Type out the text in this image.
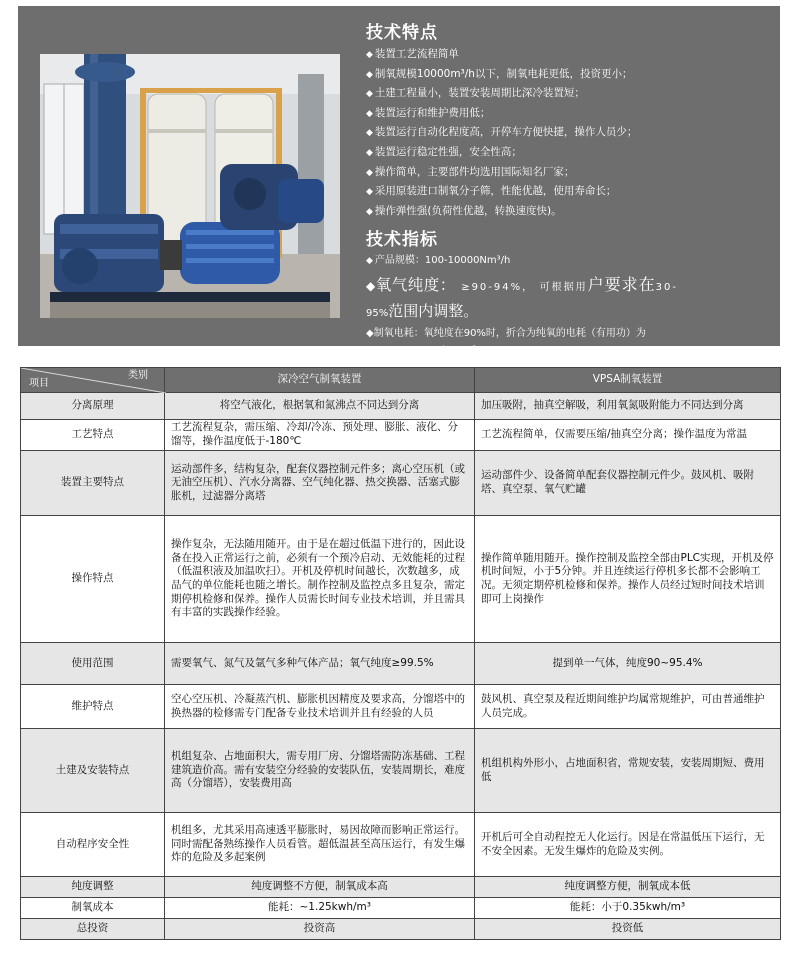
技术特点
◆ 装置工艺流程简单
◆ 制氧规模10000m³/h以下，制氧电耗更低，投资更小；
◆ 土建工程量小，装置安装周期比深冷装置短；
◆ 装置运行和维护费用低；
◆ 装置运行自动化程度高，开停车方便快捷，操作人员少；
◆ 装置运行稳定性强，安全性高；
◆ 操作简单，主要部件均选用国际知名厂家；
◆ 采用原装进口制氧分子筛，性能优越，使用寿命长；
◆ 操作弹性强(负荷性优越，转换速度快)。
技术指标
◆ 产品规模：100-10000Nm³/h
◆氧气纯度： ≥90-94%， 可根据用户要求在30-
95%范围内调整。
◆制氧电耗：氧纯度在90%时，折合为纯氧的电耗（有用功）为
0.32-0.37KWh/ Nm³
类别
项目	深冷空气制氧装置	VPSA制氧装置
分离原理	将空气液化，根据氧和氮沸点不同达到分离	加压吸附，抽真空解吸，利用氧氮吸附能力不同达到分离
工艺特点	工艺流程复杂，需压缩、冷却/冷冻、预处理、膨胀、液化、分馏等，操作温度低于-180℃	工艺流程简单，仅需要压缩/抽真空分离；操作温度为常温
装置主要特点	运动部件多，结构复杂，配套仪器控制元件多；离心空压机（或无油空压机）、汽水分离器、空气纯化器、热交换器、活塞式膨胀机，过滤器分离塔	运动部件少、设备简单配套仪器控制元件少。鼓风机、吸附塔、真空泵、氧气贮罐
操作特点	操作复杂，无法随用随开。由于是在超过低温下进行的，因此设备在投入正常运行之前，必须有一个预冷启动、无效能耗的过程（低温积液及加温吹扫）。开机及停机时间越长，次数越多，成品气的单位能耗也随之增长。制作控制及监控点多且复杂，需定期停机检修和保养。操作人员需长时间专业技术培训，并且需具有丰富的实践操作经验。	操作简单随用随开。操作控制及监控全部由PLC实现，开机及停机时间短，小于5分钟。并且连续运行停机多长都不会影响工况。无须定期停机检修和保养。操作人员经过短时间技术培训即可上岗操作
使用范围	需要氧气、氮气及氩气多种气体产品；氧气纯度≥99.5%	提到单一气体，纯度90~95.4%
维护特点	空心空压机、冷凝蒸汽机、膨胀机因精度及要求高，分馏塔中的换热器的检修需专门配备专业技术培训并且有经验的人员	鼓风机、真空泵及程近期间维护均属常规维护，可由普通维护人员完成。
土建及安装特点	机组复杂、占地面积大，需专用厂房、分馏塔需防冻基础、工程建筑造价高。需有安装空分经验的安装队伍，安装周期长，难度高（分馏塔），安装费用高	机组机构外形小，占地面积省，常规安装，安装周期短、费用低
自动程序安全性	机组多，尤其采用高速透平膨胀时，易因故障而影响正常运行。同时需配备熟练操作人员看管。超低温甚至高压运行，有发生爆炸的危险及多起案例	开机后可全自动程控无人化运行。因是在常温低压下运行，无不安全因素。无发生爆炸的危险及实例。
纯度调整	纯度调整不方便，制氧成本高	纯度调整方便，制氧成本低
制氧成本	能耗：~1.25kwh/m³	能耗：小于0.35kwh/m³
总投资	投资高	投资低
